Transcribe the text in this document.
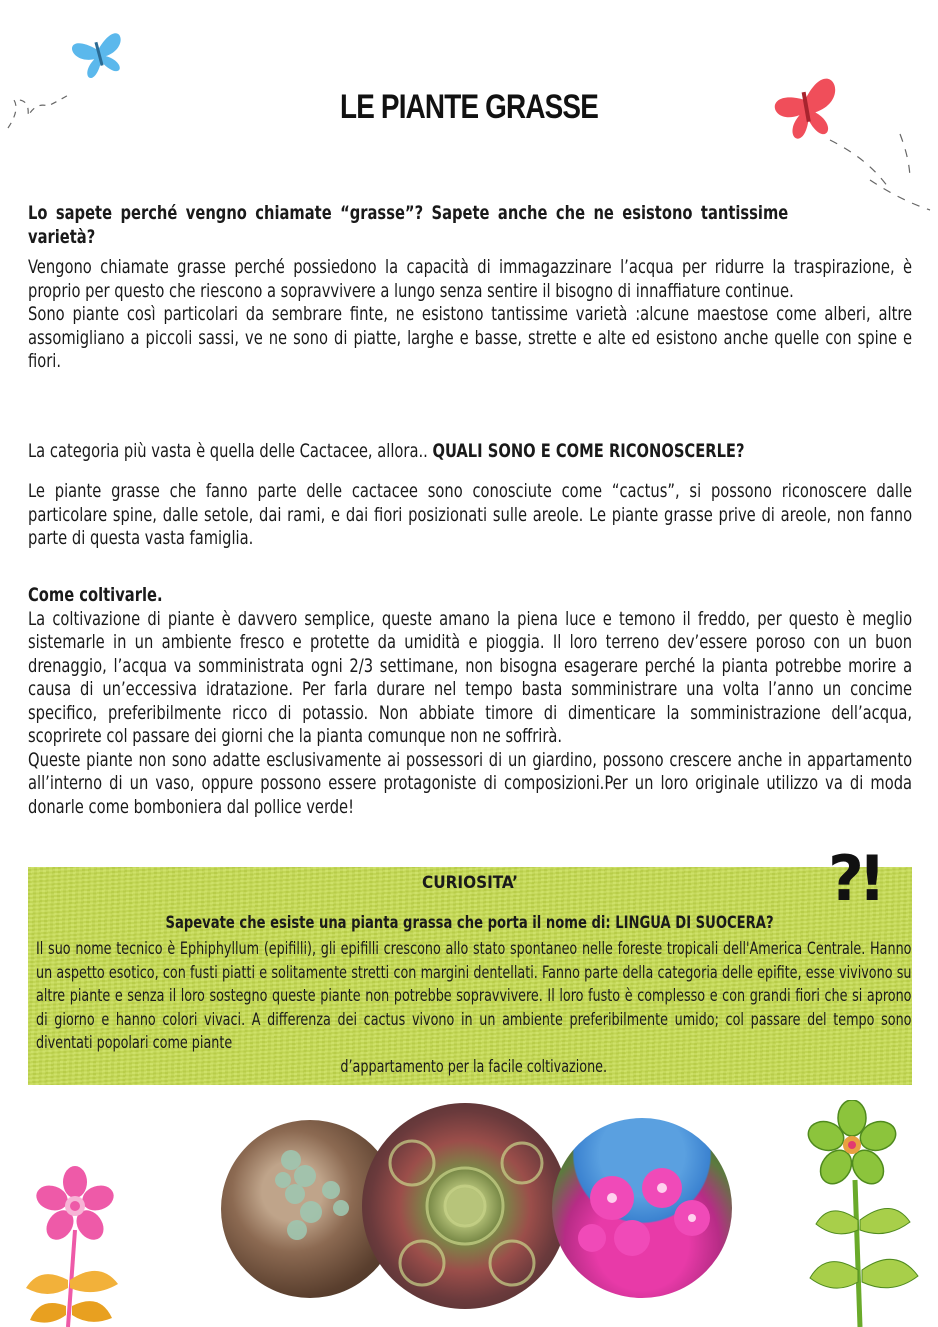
LE PIANTE GRASSE
Lo sapete perché vengno chiamate “grasse”? Sapete anche che ne esistono tantissime varietà?

Vengono chiamate grasse perché possiedono la capacità di immagazzinare l’acqua per ridurre la traspirazione, è proprio per questo che riescono a sopravvivere a lungo senza sentire il bisogno di innaffiature continue.

Sono piante così particolari da sembrare finte, ne esistono tantissime varietà :alcune maestose come alberi, altre assomigliano a piccoli sassi, ve ne sono di piatte, larghe e basse, strette e alte ed esistono anche quelle con spine e fiori.

La categoria più vasta è quella delle Cactacee, allora.. QUALI SONO E COME RICONOSCERLE?

Le piante grasse che fanno parte delle cactacee sono conosciute come “cactus”, si possono riconoscere dalle particolare spine, dalle setole, dai rami, e dai fiori posizionati sulle areole. Le piante grasse prive di areole, non fanno parte di questa vasta famiglia.

Come coltivarle.

La coltivazione di piante è davvero semplice, queste amano la piena luce e temono il freddo, per questo è meglio sistemarle in un ambiente fresco e protette da umidità e pioggia. Il loro terreno dev’essere poroso con un buon drenaggio, l’acqua va somministrata ogni 2/3 settimane, non bisogna esagerare perché la pianta potrebbe morire a causa di un’eccessiva idratazione. Per farla durare nel tempo basta somministrare una volta l’anno un concime specifico, preferibilmente ricco di potassio. Non abbiate timore di dimenticare la somministrazione dell’acqua, scoprirete col passare dei giorni che la pianta comunque non ne soffrirà.

Queste piante non sono adatte esclusivamente ai possessori di un giardino, possono crescere anche in appartamento all’interno di un vaso, oppure possono essere protagoniste di composizioni.Per un loro originale utilizzo va di moda donarle come bomboniera dal pollice verde!

CURIOSITA’
Sapevate che esiste una pianta grassa che porta il nome di: LINGUA DI SUOCERA?
Il suo nome tecnico è Ephiphyllum (epifilli), gli epifilli crescono allo stato spontaneo nelle foreste tropicali dell'America Centrale. Hanno un aspetto esotico, con fusti piatti e solitamente stretti con margini dentellati. Fanno parte della categoria delle epifite, esse vivivono su altre piante e senza il loro sostegno queste piante non potrebbe sopravvivere. Il loro fusto è complesso e con grandi fiori che si aprono di giorno e hanno colori vivaci. A differenza dei cactus vivono in un ambiente preferibilmente umido; col passare del tempo sono diventati popolari come piante
d’appartamento per la facile coltivazione.
?!
